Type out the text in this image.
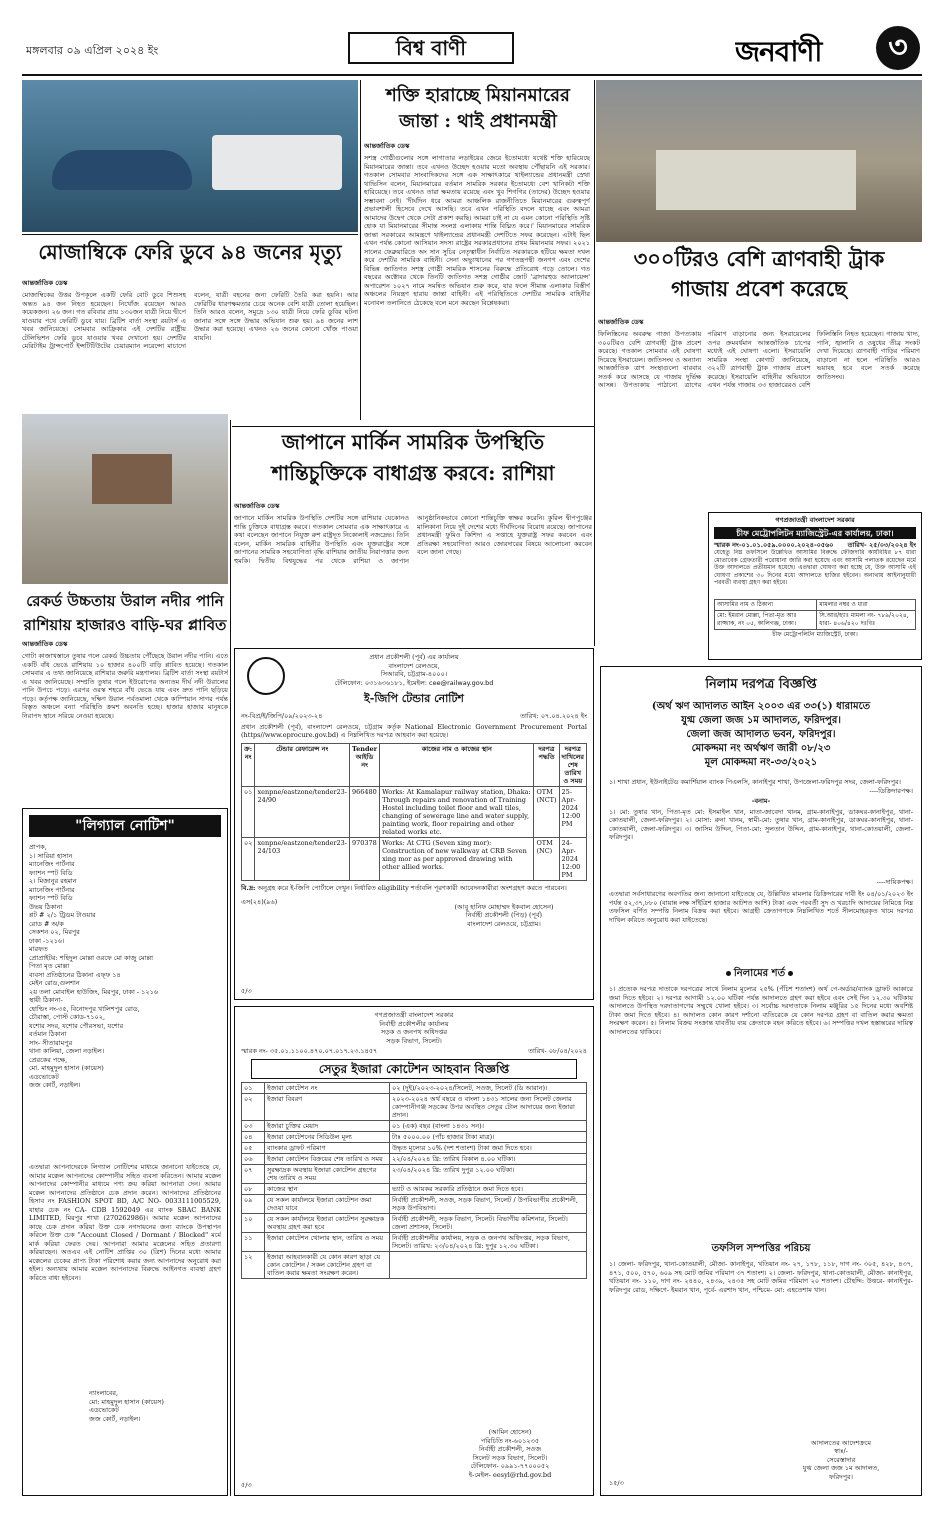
মঙ্গলবার ০৯ এপ্রিল ২০২৪ ইং	বিশ্ব বাণী	জনবাণী	৩
শক্তি হারাচ্ছে মিয়ানমারের
জান্তা : থাই প্রধানমন্ত্রী
আন্তর্জাতিক ডেস্ক
সশস্ত্র গোষ্ঠীগুলোর সঙ্গে লাগাতার লড়াইয়ের জেরে ইতোমধ্যে যথেষ্ট শক্তি হারিয়েছে মিয়ানমারের জান্তা। তবে এখনও উচ্ছেদ হওয়ার মতো অবস্থায় পৌঁছায়নি এই সরকার। গতকাল সোমবার সাংবাদিকদের সঙ্গে এক সাক্ষাৎকারে থাইল্যান্ডের প্রধানমন্ত্রী স্রেথা থাভিসিন বলেন, মিয়ানমারের বর্তমান সামরিক সরকার ইতোমধ্যে বেশ খানিকটা শক্তি হারিয়েছে। তবে এখনও তারা ক্ষমতায় রয়েছে এবং খুব শিগগির (তাদের) উচ্ছেদ হওয়ার সম্ভাবনা নেই। 'দীর্ঘদিন ধরে আমরা আঞ্চলিক রাজনীতিতে মিয়ানমারের গুরুত্বপূর্ণ প্রভাবশালী হিসেবে দেখে আসছি। তবে এখন পরিস্থিতি বদলে যাচ্ছে এবং আমরা আমাদের উদ্বেগ থেকে সেটা প্রকাশ করছি। আমরা চাই না যে এমন কোনো পরিস্থিতি সৃষ্টি হোক যা মিয়ানমারের সীমান্ত সংলগ্ন এলাকায় শান্তি বিঘ্নিত করে।' মিয়ানমারের সামরিক জান্তা সরকারের আমন্ত্রণে থাইল্যান্ডের প্রধানমন্ত্রী দেশটিতে সফর করেছেন। এটাই ছিল এখন পর্যন্ত কোনো আসিয়ান সদস্য রাষ্ট্রের সরকারপ্রধানের প্রথম মিয়ানমার সফর। ২০২১ সালের ফেব্রুয়ারিতে অং সান সুচির নেতৃত্বাধীন নির্বাচিত সরকারকে হটিয়ে ক্ষমতা দখল করে দেশটির সামরিক বাহিনী। সেনা অভ্যুত্থানের পর গণতন্ত্রপন্থী জনগণ এবং দেশের বিভিন্ন জাতিগত সশস্ত্র গোষ্ঠী সামরিক শাসনের বিরুদ্ধে প্রতিরোধ গড়ে তোলে। গত বছরের অক্টোবর থেকে তিনটি জাতিগত সশস্ত্র গোষ্ঠীর জোট 'ব্রাদারহুড অ্যালায়েন্স' অপারেশন ১০২৭ নামে সমন্বিত অভিযান শুরু করে, যার ফলে সীমান্ত এলাকার বিস্তীর্ণ অঞ্চলের নিয়ন্ত্রণ হারায় জান্তা বাহিনী। এই পরিস্থিতিতে দেশটির সামরিক বাহিনীর মনোবল তলানিতে ঠেকেছে বলে মনে করছেন বিশ্লেষকরা।
মোজাম্বিকে ফেরি ডুবে ৯৪ জনের মৃত্যু
আন্তর্জাতিক ডেস্ক
মোজাম্বিকের উত্তর উপকূলে একটি ফেরি বোট ডুবে শিশুসহ অন্তত ৯৪ জন নিহত হয়েছেন। নিখোঁজ রয়েছেন আরও কয়েকজন। ২৬ জন। গত রবিবার প্রায় ১৩০জন যাত্রী নিয়ে দ্বীপে যাওয়ার পথে ফেরিটি ডুবে যায়। ব্রিটিশ বার্তা সংস্থা রয়টার্স এ খবর জানিয়েছে। সোমবার আফ্রিকার এই দেশটির রাষ্ট্রীয় টেলিভিশন ফেরি ডুবে যাওয়ার খবর দেখানো হয়। দেশটির মেরিটাইম ট্রান্সপোর্ট ইন্সটিটিউটের চেয়ারম্যান লরেন্সো মাচাদো বলেন, যাত্রী বহনের জন্য ফেরিটি তৈরি করা হয়নি। আর ফেরিটির ধারণক্ষমতার চেয়ে অনেক বেশি যাত্রী তোলা হয়েছিল। তিনি আরও বলেন, সমুদ্রে ১৩০ যাত্রী নিয়ে ফেরি ডুবির ঘটনা জানার সঙ্গে সঙ্গে উদ্ধার অভিযান শুরু হয়। ৯৪ জনের লাশ উদ্ধার করা হয়েছে। এখনও ২৬ জনের কোনো খোঁজ পাওয়া যায়নি।
৩০০টিরও বেশি ত্রাণবাহী ট্রাক
গাজায় প্রবেশ করেছে
আন্তর্জাতিক ডেস্ক
ফিলিস্তিনের অবরুদ্ধ গাজা উপত্যকায় ৩০০টিরও বেশি ত্রাণবাহী ট্রাক প্রবেশ করেছে। গতকাল সোমবার এই ঘোষণা দিয়েছে ইসরায়েল। জাতিসংঘ ও অন্যান্য আন্তর্জাতিক ত্রাণ সংস্থাগুলো বারবার সতর্ক করে আসছে যে গাজায় দুর্ভিক্ষ আসন্ন। উপত্যকায় পাঠানো ত্রাণের পরিমাণ বাড়ানোর জন্য ইসরায়েলের ওপর ক্রমবর্ধমান আন্তর্জাতিক চাপের মধ্যেই এই ঘোষণা এলো। ইসরায়েলি সামরিক সংস্থা কোগাট জানিয়েছে, ৩২২টি ত্রাণবাহী ট্রাক গাজায় প্রবেশ করেছে। ইসরায়েলি বাহিনীর অভিযানে এখন পর্যন্ত গাজায় ৩৩ হাজারেরও বেশি ফিলিস্তিনি নিহত হয়েছেন। গাজায় খাদ্য, পানি, জ্বালানি ও ওষুধের তীব্র সংকট দেখা দিয়েছে। ত্রাণবাহী গাড়ির পরিমাণ বাড়ানো না হলে পরিস্থিতি আরও ভয়াবহ হবে বলে সতর্ক করেছে জাতিসংঘ।
জাপানে মার্কিন সামরিক উপস্থিতি
শান্তিচুক্তিকে বাধাগ্রস্ত করবে: রাশিয়া
আন্তর্জাতিক ডেস্ক
জাপানে মার্কিন সামরিক উপস্থিতি দেশটির সঙ্গে রাশিয়ার যেকোনও শান্তি চুক্তিকে বাধাগ্রস্ত করবে। গতকাল সোমবার এক সাক্ষাৎকারে এ কথা বলেছেন জাপানে নিযুক্ত রুশ রাষ্ট্রদূত নিকোলাই নজদ্রেভ। তিনি বলেন, মার্কিন সামরিক বাহিনীর উপস্থিতি এবং যুক্তরাষ্ট্রের সঙ্গে জাপানের সামরিক সহযোগিতা বৃদ্ধি রাশিয়ার জাতীয় নিরাপত্তার জন্য হুমকি। দ্বিতীয় বিশ্বযুদ্ধের পর থেকে রাশিয়া ও জাপান আনুষ্ঠানিকভাবে কোনো শান্তিচুক্তি স্বাক্ষর করেনি। কুরিল দ্বীপপুঞ্জের মালিকানা নিয়ে দুই দেশের মধ্যে দীর্ঘদিনের বিরোধ রয়েছে। জাপানের প্রধানমন্ত্রী ফুমিও কিশিদা এ সপ্তাহে যুক্তরাষ্ট্র সফর করবেন এবং প্রতিরক্ষা সহযোগিতা আরও জোরদারের বিষয়ে আলোচনা করবেন বলে জানা গেছে।
রেকর্ড উচ্চতায় উরাল নদীর পানি
রাশিয়ায় হাজারও বাড়ি-ঘর প্লাবিত
আন্তর্জাতিক ডেস্ক
গোটা কাজাখস্তানে তুষার গলে রেকর্ড উচ্চতায় পৌঁছেছে উরাল নদীর পানি। এতে একটি বাঁধ ভেঙে রাশিয়ায় ১০ হাজার ৪০০টি বাড়ি প্লাবিত হয়েছে। গতকাল সোমবার এ তথ্য জানিয়েছে রাশিয়ার জরুরি মন্ত্রণালয়। ব্রিটিশ বার্তা সংস্থা রয়টার্স এ খবর জানিয়েছে। সম্প্রতি তুষার গলে ইউরোপের অন্যতম দীর্ঘ নদী উরালের পানি উপচে পড়ে। এরপর ওরস্ক শহরে বাঁধ ভেঙে যায় এবং দ্রুত পানি ছড়িয়ে পড়ে। কর্তৃপক্ষ জানিয়েছে, দক্ষিণ উরাল পর্বতমালা থেকে কাস্পিয়ান সাগর পর্যন্ত বিস্তৃত অঞ্চলে বন্যা পরিস্থিতি ক্রমশ অবনতি হচ্ছে। হাজার হাজার মানুষকে নিরাপদ স্থানে সরিয়ে নেওয়া হয়েছে।
"লিগ্যাল নোটিশ"
প্রাপক,
১। সারিয়া হাসান
ম্যানেজিং পার্টনার
ফ্যাশন স্পট বিডি
২। মিজানুর রহমান
ম্যানেজিং পার্টনার
ফ্যাশন স্পট বিডি
উভয় ঠিকানা
প্লট # ২/১ ট্রিডম টাওয়ার
রোড # অ/ক
সেকশন ০২, মিরপুর
ঢাকা -১২১৬।
মারফত
প্রোপ্রাইটর: শহিদুল মোল্লা ওরফে মো কাজু মোল্লা
পিতা মৃত মোল্লা
ব্যবসা প্রতিষ্ঠানের ঠিকানা এফ্ফ ১৪
মেইন রোড,গুলশান
২য় তলা মোবাইল হাউজিং, মিরপুর, ঢাকা - ১২১৬
স্থায়ী ঠিকানা-
হোল্ডিং নং-৩৫, বিনোদপুর খালিশপুর রোড,
চৌরাস্তা, পোস্ট কোড-৭১০২,
যশোর সদর, যশোর পৌরসভা, যশোর
বর্তমান ঠিকানা
সাং- সীতারামপুর
থানা কালিয়া, জেলা নড়াইল।
প্রেরকের পক্ষে,
মো. মাহমুদুল হাসান (কায়েস)
এডভোকেট
জজ কোর্ট, নড়াইল।
এতদ্বারা আপনাদেরকে লিগ্যাল নোটিশের মাধ্যমে জানানো যাইতেছে যে, আমার মক্কেল আপনাদের কোম্পানীর সহিত ব্যবসা করিতেন। আমার মক্কেল আপনাদের কোম্পানীর মাধ্যমে পণ্য ক্রয় করিয়া আপনারা দেন। আমার মক্কেল আপনাদের প্রতিষ্ঠানে চেক প্রদান করেন। আপনাদের প্রতিষ্ঠানের হিসাব নং FASHION SPOT BD, A/C NO- 0033111005529, যাহার চেক নং CA- CDB 1592049 এর ব্যাংক SBAC BANK LIMITED, মিরপুর শাখা (270262986)। আমার মক্কেল আপনাদের কাছে চেক প্রদান করিয়া উক্ত চেক নগদায়নের জন্য ব্যাংকে উপস্থাপন করিলে উক্ত চেক "Account Closed / Dormant / Blocked" মর্মে মার্ক করিয়া ফেরত দেয়। আপনারা আমার মক্কেলের সহিত প্রতারণা করিয়াছেন। অতএব এই নোটিশ প্রাপ্তির ৩০ (ত্রিশ) দিনের মধ্যে আমার মক্কেলের চেকের প্রাপ্য টাকা পরিশোধ করার জন্য আপনাদের অনুরোধ করা হইল। অন্যথায় আমার মক্কেল আপনাদের বিরুদ্ধে আইনগত ব্যবস্থা গ্রহণ করিতে বাধ্য হইবেন।
ন্যাংলাবের,
মো: মাহমুদুল হাসান (কায়েস)
এডভোকেট
জজ কোর্ট, নড়াইল।
প্রধান প্রকৌশলী (পূর্ব) এর কার্যালয়
বাংলাদেশ রেলওয়ে,
সিআরবি, চট্টগ্রাম-৪০০০।
টেলিফোন: ০৩১৬৩৬১৮১, ইমেইল: cee@railway.gov.bd
ই-জিপি টেন্ডার নোটিশ
নং-বিপ্র/ই/জিপি/০৯/২০২৩-২৪	তারিখ: ০৭.০৪.২০২৪ ইং
প্রধান প্রকৌশলী (পূর্ব), বাংলাদেশ রেলওয়ে, চট্টগ্রাম কর্তৃক National Electronic Government Procurement Portal (https//www.eprocure.gov.bd) এ নিম্নলিখিত দরপত্র আহবান করা হয়েছে।
ক্র: নং	টেন্ডার রেফারেন্স নং	Tender আইডি নং	কাজের নাম ও কাজের স্থান	দরপত্র পদ্ধতি	দরপত্র দাখিলের শেষ তারিখ ও সময়
০১	xenpne/eastzone/tender23-24/90	966480	Works: At Kamalapur railway station, Dhaka: Through repairs and renovation of Training Hostel including toilet floor and wall tiles, changing of sewerage line and water supply, painting work, floor repairing and other related works etc.	OTM (NCT)	25-Apr-2024 12:00 PM
০২	xenpne/eastzone/tender23-24/103	970378	Works: At CTG (Seven xing mor): Construction of new walkway at CRB Seven xing mor as per approved drawing with other allied works.	OTM (NC)	24-Apr-2024 12:00 PM
বি.দ্র: অনুগ্রহ করে ই-জিপি পোর্টালে দেখুন। নির্ধারিত eligibility শর্তাবলি পূরণকারী আবেদনকারীরা অংশগ্রহণ করতে পারবেন।
এস(২৪)(৯৬)
(আবু হানিফ মোহাম্মদ ইকবাল হোসেন)
নির্বাহী প্রকৌশলী (পিড়) (পূর্ব)
বাংলাদেশ রেলওয়ে, চট্টগ্রাম।
৫/৩
গণপ্রজাতন্ত্রী বাংলাদেশ সরকার
নির্বাহী প্রকৌশলীর কার্যালয়
সড়ক ও জনপথ অধিদপ্তর
সড়ক বিভাগ, সিলেট।
স্মারক নং- ৩৫.০১.১১০০.৪৭০.০৭.০১৭.২৩.১৪৫৭	তারিখ- ০৮/০৪/২০২৪
সেতুর ইজারা কোটেশন আহবান বিজ্ঞপ্তি
০১	ইজারা কোটেশন নং	০২ (দুই)/২০২৩-২০২৪/সিলেট, সওজ, সিলেট (ডি আরান)।
০২	ইজারা বিবরণ	২০২৩-২০২৪ অর্থ বছরে ও বাংলা ১৪৩১ সালের জন্য সিলেট জেলার কোম্পানীগঞ্জ সড়কের উপর অবস্থিত সেতুর টোল আদায়ের জন্য ইজারা প্রদান।
০৩	ইজারা চুক্তির মেয়াদ	০১ (এক) বছর (বাংলা ১৪৩১ সন)।
০৪	ইজারা কোটেশনের সিডিউল মূল্য	টাঃ ৫০০০.০০ (পাঁচ হাজার টাকা মাত্র)।
০৫	ব্যাংকার ড্রাফট পরিমাণ	উদ্ধৃত মূল্যের ১০% (দশ শতাংশ) টাকা জমা দিতে হবে।
০৬	ইজারা কোটেশন বিক্রয়ের শেষ তারিখ ও সময়	২২/০৪/২০২৪ খ্রি: তারিখ বিকাল ৪.০০ ঘটিকা।
০৭	সুরক্ষাদ্রক অবস্থায় ইজারা কোটেশন গ্রহণের শেষ তারিখ ও সময়	২৩/০৪/২০২৪ খ্রি: তারিখ দুপুর ১২.০০ ঘটিকা।
০৮	কাজের স্থান	ভ্যাট ও আয়কর সরকারি প্রতিষ্ঠানে জমা দিতে হবে।
০৯	যে সকল কার্যালয়ে ইজারা কোটেশন জমা দেওয়া যাবে	নির্বাহী প্রকৌশলী, সওজ, সড়ক বিভাগ, সিলেট / উপবিভাগীয় প্রকৌশলী, সড়ক উপবিভাগ।
১০	যে সকল কার্যালয়ে ইজারা কোটেশন সুরক্ষাদ্রক অবস্থায় গ্রহণ করা হবে	নির্বাহী প্রকৌশলী, সড়ক বিভাগ, সিলেট। বিভাগীয় কমিশনার, সিলেট। জেলা প্রশাসক, সিলেট।
১১	ইজারা কোটেশন খোলার স্থান, তারিখ ও সময়	নির্বাহী প্রকৌশলীর কার্যালয়, সড়ক ও জনপথ অধিদপ্তর, সড়ক বিভাগ, সিলেট। তারিখ: ২৩/০৪/২০২৪ খ্রি: দুপুর ১২.৩০ ঘটিকা।
১২	ইজারা আহবানকারী যে কোন কারণ ছাড়া যে কোন কোটেশন / সকল কোটেশন গ্রহণ বা বাতিল করার ক্ষমতা সংরক্ষণ করেন।	
(আমিন হোসেন)
পরিচিতি নং-৬০১২৩৫
নির্বাহী প্রকৌশলী, সওজ
সিলেট সড়ক বিভাগ, সিলেট।
টেলিফোন- ০৯৯১-৭৭০০০৫২
ই-মেইল- eesyl@rhd.gov.bd
৫/৩
গণপ্রজাতন্ত্রী বাংলাদেশ সরকার
চীফ মেট্রোপলিটন ম্যাজিস্ট্রেট-এর কার্যালয়, ঢাকা।
স্মারক নং-০১.০১.০৫৯.০০০০.২০২৪-০৫৬০ তারিখ- ২৫/০৩/২০২৪ ইং
যেহেতু নিম্ন তফসিলে উল্লেখিত আসামির বিরুদ্ধে ফৌজদারি কার্যবিধির ৮৭ ধারা মোতাবেক গ্রেফতারী পরোয়ানা জারি করা হয়েছে এবং আসামি পলাতক রয়েছেন মর্মে উক্ত আদালতে প্রতীয়মান হয়েছে। এতদ্বারা ঘোষণা করা হচ্ছে যে, উক্ত আসামি এই ঘোষণা প্রকাশের ৩০ দিনের মধ্যে আদালতে হাজির হইবেন। অন্যথায় আইনানুযায়ী পরবর্তী ব্যবস্থা গ্রহণ করা হইবে।
আসামির নাম ও ঠিকানা	মামলার নম্বর ও ধারা
মো: ইমরান মোল্লা, পিতা-মৃত আঃ রাজ্জাক, নং ০৫, কালিগঞ্জ, ঢাকা।	সি.আর/হ্যাঃ মামলা নং- ৭৮৯/২০২৪, ধারা- ৪০৬/৪২০ দঃবিঃ
চীফ মেট্রোপলিটন ম্যাজিস্ট্রেট, ঢাকা।
নিলাম দরপত্র বিজ্ঞপ্তি
(অর্থ ঋণ আদালত আইন ২০০৩ এর ৩৩(১) ধারামতে
যুগ্ম জেলা জজ ১ম আদালত, ফরিদপুর।
জেলা জজ আদালত ভবন, ফরিদপুর।
মোকদ্দমা নং অর্থঋণ জারী ০৮/২৩
মূল মোকদ্দমা নং-৩৩/২০২১
১। শাখা প্রধান, ইউনাইটেড কমার্শিয়াল ব্যাংক পিএলসি, কানাইপুর শাখা, উপজেলা-ফরিদপুর সদর, জেলা-ফরিদপুর।
----ডিক্রিদারপক্ষ।
-বনাম-
১। মো: তুষার খান, পিতা-মৃত মো: ইসমাইল খান, মাতা-জাবেদা খানম, গ্রাম-কানাইপুর, ডাকঘর-কানাইপুর, থানা-কোতয়ালী, জেলা-ফরিদপুর। ২। মোসা: রুনা খানম, স্বামী-মো: তুষার খান, গ্রাম-কানাইপুর, ডাকঘর-কানাইপুর, থানা-কোতয়ালী, জেলা-ফরিদপুর। ৩। জাসিম উদ্দিন, পিতা-মো: সুলতান উদ্দিন, গ্রাম-কানাইপুর, থানা-কোতয়ালী, জেলা-ফরিদপুর।
----দায়িকপক্ষ।
এতদ্বারা সর্বসাধারণের অবগতির জন্য জানানো যাইতেছে যে, উল্লিখিত মামলার ডিক্রিদারের দাবী ইং ০৪/০১/২০২৩ ইং পর্যন্ত ৫২,৩৭,৮৮০ (বায়ান্ন লক্ষ সাঁইত্রিশ হাজার আটশত আশি) টাকা এবং পরবর্তী সুদ ও খরচাদি আদায়ের নিমিত্তে নিম্ন তফসিল বর্ণিত সম্পত্তি নিলাম বিক্রয় করা হইবে। আগ্রহী ক্রেতাগণকে নিম্নলিখিত শর্তে সীলমোহরকৃত খামে দরপত্র দাখিল করিতে অনুরোধ করা যাইতেছে।
নিলামের শর্ত
১। প্রত্যেক দরপত্র দাতাকে দরপত্রের সাথে নিলাম মূল্যের ২৫% (পঁচিশ শতাংশ) অর্থ পে-অর্ডার/ব্যাংক ড্রাফট আকারে জমা দিতে হইবে। ২। দরপত্র আগামী ১২.০০ ঘটিকা পর্যন্ত আদালতে গ্রহণ করা হইবে এবং সেই দিন ১২.৩০ ঘটিকায় আদালতে উপস্থিত দরদাতাগণের সম্মুখে খোলা হইবে। ৩। সর্বোচ্চ দরদাতাকে নিলাম মঞ্জুরির ১৫ দিনের মধ্যে অবশিষ্ট টাকা জমা দিতে হইবে। ৪। আদালত কোন কারণ দর্শানো ব্যতিরেকে যে কোন দরপত্র গ্রহণ বা বাতিল করার ক্ষমতা সংরক্ষণ করেন। ৫। নিলাম বিক্রয় সংক্রান্ত যাবতীয় ব্যয় ক্রেতাকে বহন করিতে হইবে। ৬। সম্পত্তির দখল হস্তান্তরের দায়িত্ব আদালতের থাকিবে।
তফসিল সম্পত্তির পরিচয়
১। জেলা- ফরিদপুর, থানা-কোতয়ালী, মৌজা- কানাইপুর, খতিয়ান নং- ২৭, ১৭৮, ১১৮, দাগ নং- ৩০৫, ৪২৮, ৪৩৭, ৪৭১, ৫০০, ৫৭০, ৬০৯ সহ মোট জমির পরিমাণ ৩৭ শতাংশ। ২। জেলা- ফরিদপুর, থানা-কোতয়ালী, মৌজা- কানাইপুর, খতিয়ান নং- ১১০, দাগ নং- ২৪৪০, ২৪৩৯, ২৪৩৫ সহ মোট জমির পরিমাণ ২০ শতাংশ। চৌহদ্দি: উত্তরে- কানাইপুর-ফরিদপুর রোড, দক্ষিণে- ইমরান খান, পূর্বে- এরশাদ খান, পশ্চিমে- মো: এহতেশাম খান।
আদালতের আদেশক্রমে
স্বাঃ/-
সেরেস্তাদার
যুগ্ম জেলা জজ ১ম আদালত,
ফরিদপুর।
১৫/৩
